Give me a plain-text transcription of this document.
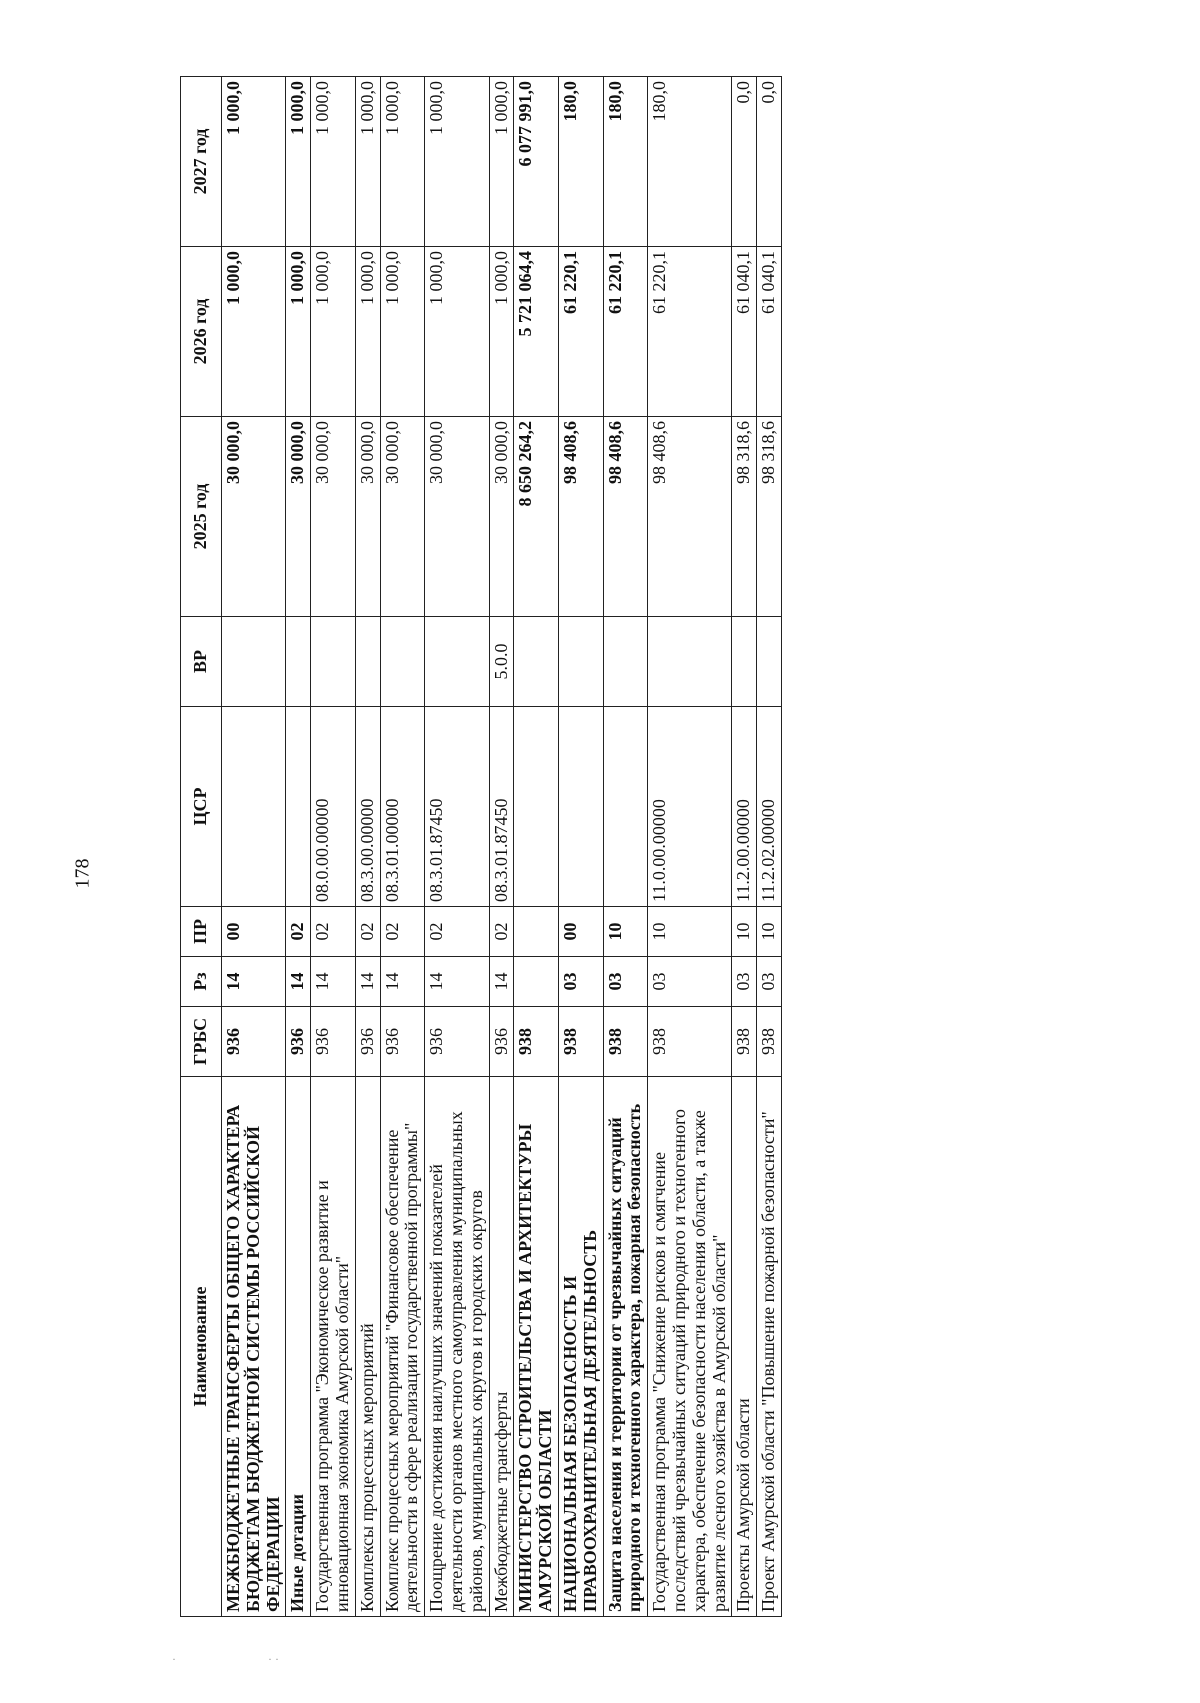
178
·	· ·
Наименование	ГРБС	Рз	ПР	ЦСР	ВР	2025 год	2026 год	2027 год
МЕЖБЮДЖЕТНЫЕ ТРАНСФЕРТЫ ОБЩЕГО ХАРАКТЕРА БЮДЖЕТАМ БЮДЖЕТНОЙ СИСТЕМЫ РОССИЙСКОЙ ФЕДЕРАЦИИ	936	14	00			30 000,0	1 000,0	1 000,0
Иные дотации	936	14	02			30 000,0	1 000,0	1 000,0
Государственная программа "Экономическое развитие и инновационная экономика Амурской области"	936	14	02	08.0.00.00000		30 000,0	1 000,0	1 000,0
Комплексы процессных мероприятий	936	14	02	08.3.00.00000		30 000,0	1 000,0	1 000,0
Комплекс процессных мероприятий "Финансовое обеспечение деятельности в сфере реализации государственной программы"	936	14	02	08.3.01.00000		30 000,0	1 000,0	1 000,0
Поощрение достижения наилучших значений показателей деятельности органов местного самоуправления муниципальных районов, муниципальных округов и городских округов	936	14	02	08.3.01.87450		30 000,0	1 000,0	1 000,0
Межбюджетные трансферты	936	14	02	08.3.01.87450	5.0.0	30 000,0	1 000,0	1 000,0
МИНИСТЕРСТВО СТРОИТЕЛЬСТВА И АРХИТЕКТУРЫ АМУРСКОЙ ОБЛАСТИ	938					8 650 264,2	5 721 064,4	6 077 991,0
НАЦИОНАЛЬНАЯ БЕЗОПАСНОСТЬ И ПРАВООХРАНИТЕЛЬНАЯ ДЕЯТЕЛЬНОСТЬ	938	03	00			98 408,6	61 220,1	180,0
Защита населения и территории от чрезвычайных ситуаций природного и техногенного характера, пожарная безопасность	938	03	10			98 408,6	61 220,1	180,0
Государственная программа "Снижение рисков и смягчение последствий чрезвычайных ситуаций природного и техногенного характера, обеспечение безопасности населения области, а также развитие лесного хозяйства в Амурской области"	938	03	10	11.0.00.00000		98 408,6	61 220,1	180,0
Проекты Амурской области	938	03	10	11.2.00.00000		98 318,6	61 040,1	0,0
Проект Амурской области "Повышение пожарной безопасности"	938	03	10	11.2.02.00000		98 318,6	61 040,1	0,0
